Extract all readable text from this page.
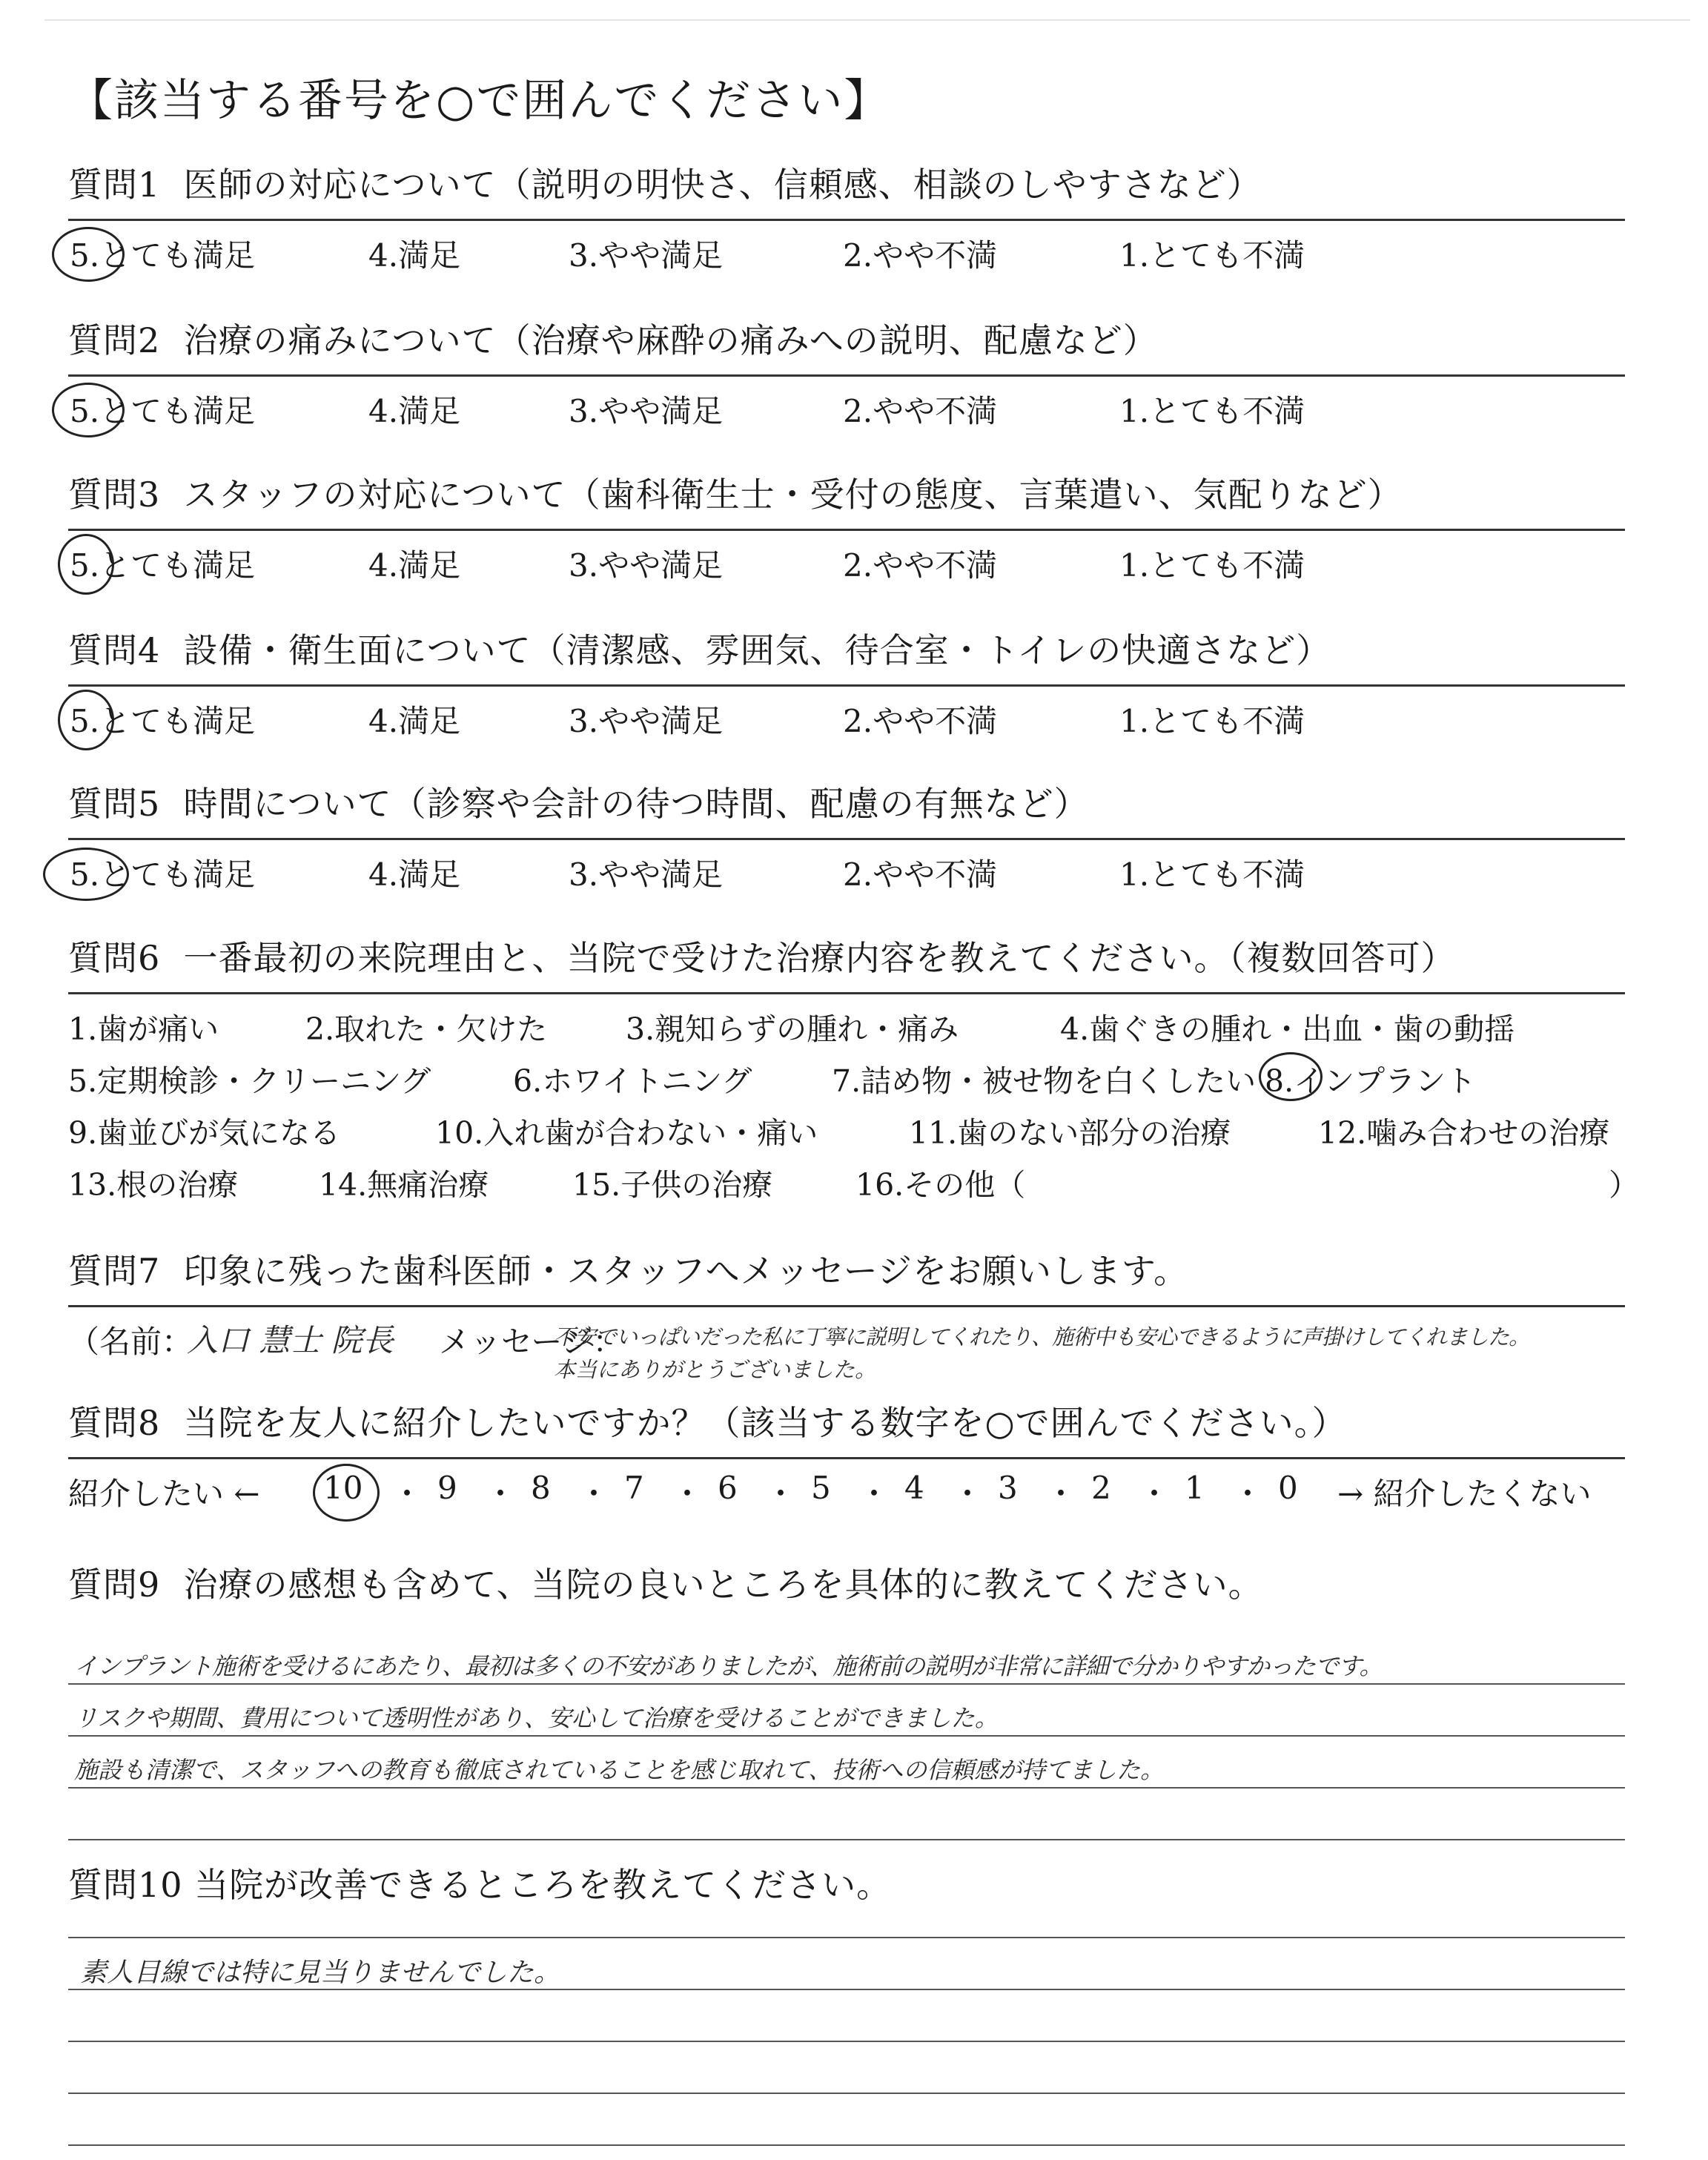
【該当する番号を○で囲んでください】
質問1 医師の対応について（説明の明快さ、信頼感、相談のしやすさなど）
5.とても満足	4.満足	3.やや満足	2.やや不満	1.とても不満
質問2 治療の痛みについて（治療や麻酔の痛みへの説明、配慮など）
5.とても満足	4.満足	3.やや満足	2.やや不満	1.とても不満
質問3 スタッフの対応について（歯科衛生士・受付の態度、言葉遣い、気配りなど）
5.とても満足	4.満足	3.やや満足	2.やや不満	1.とても不満
質問4 設備・衛生面について（清潔感、雰囲気、待合室・トイレの快適さなど）
5.とても満足	4.満足	3.やや満足	2.やや不満	1.とても不満
質問5 時間について（診察や会計の待つ時間、配慮の有無など）
5.とても満足	4.満足	3.やや満足	2.やや不満	1.とても不満
質問6 一番最初の来院理由と、当院で受けた治療内容を教えてください。（複数回答可）
1.歯が痛い	2.取れた・欠けた	3.親知らずの腫れ・痛み	4.歯ぐきの腫れ・出血・歯の動揺
5.定期検診・クリーニング	6.ホワイトニング	7.詰め物・被せ物を白くしたい 8.インプラント
9.歯並びが気になる	10.入れ歯が合わない・痛い	11.歯のない部分の治療	12.噛み合わせの治療
13.根の治療	14.無痛治療	15.子供の治療	16.その他（	）
質問7 印象に残った歯科医師・スタッフへメッセージをお願いします。
（名前：
入口 慧士 院長 メッセージ：
不安でいっぱいだった私に丁寧に説明してくれたり、施術中も安心できるように声掛けしてくれました。
本当にありがとうございました。
質問8 当院を友人に紹介したいですか？（該当する数字を○で囲んでください。）
紹介したい ← 10 ・ 9 ・ 8 ・ 7 ・ 6 ・ 5 ・ 4 ・ 3 ・ 2 ・ 1 ・ 0 → 紹介したくない
質問9 治療の感想も含めて、当院の良いところを具体的に教えてください。
インプラント施術を受けるにあたり、最初は多くの不安がありましたが、施術前の説明が非常に詳細で分かりやすかったです。
リスクや期間、費用について透明性があり、安心して治療を受けることができました。
施設も清潔で、スタッフへの教育も徹底されていることを感じ取れて、技術への信頼感が持てました。
質問10 当院が改善できるところを教えてください。
素人目線では特に見当りませんでした。
